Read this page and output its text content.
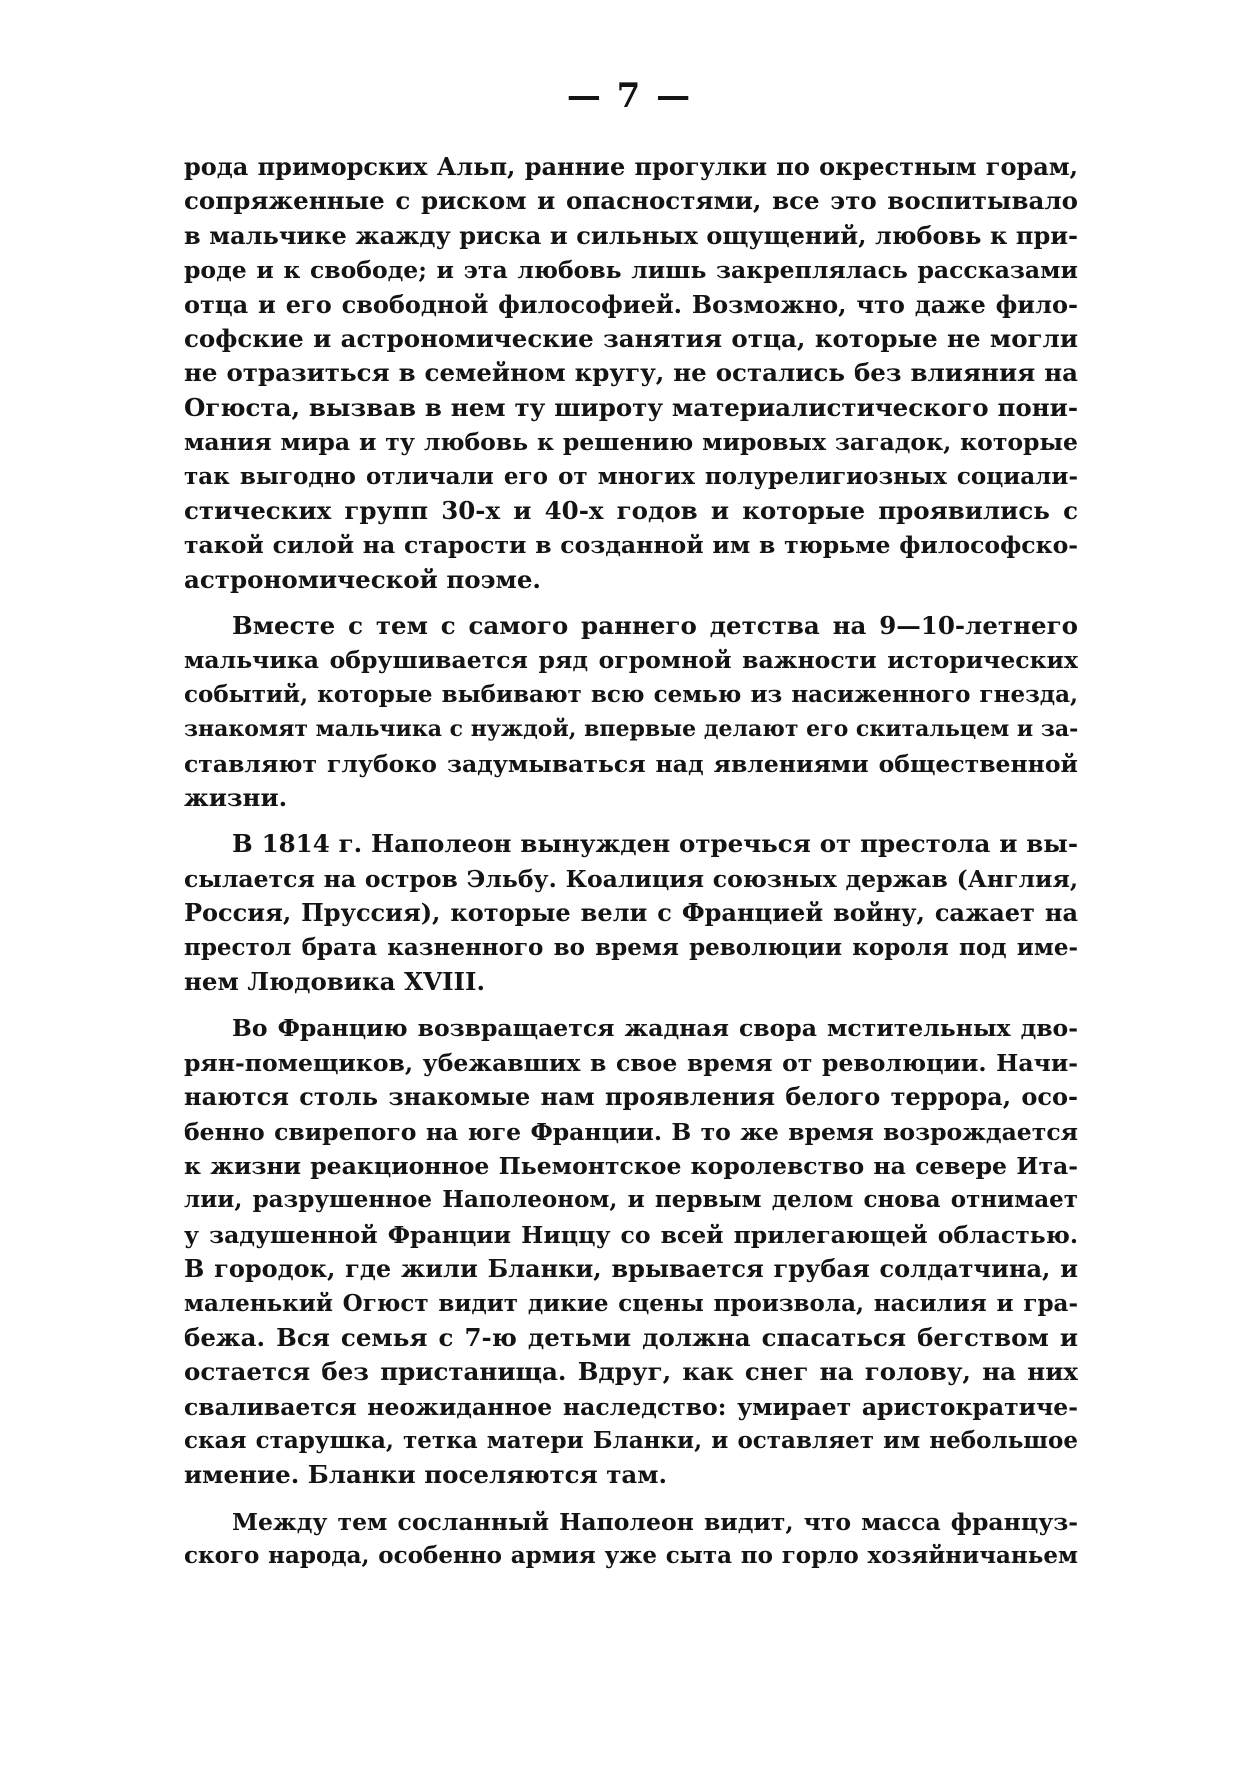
— 7 —
рода приморских Альп, ранние прогулки по окрестным горам,
сопряженные с риском и опасностями, все это воспитывало
в мальчике жажду риска и сильных ощущений, любовь к при-
роде и к свободе; и эта любовь лишь закреплялась рассказами
отца и его свободной философией. Возможно, что даже фило-
софские и астрономические занятия отца, которые не могли
не отразиться в семейном кругу, не остались без влияния на
Огюста, вызвав в нем ту широту материалистического пони-
мания мира и ту любовь к решению мировых загадок, которые
так выгодно отличали его от многих полурелигиозных социали-
стических групп 30-х и 40-х годов и которые проявились с
такой силой на старости в созданной им в тюрьме философско-
астрономической поэме.
Вместе с тем с самого раннего детства на 9—10-летнего
мальчика обрушивается ряд огромной важности исторических
событий, которые выбивают всю семью из насиженного гнезда,
знакомят мальчика с нуждой, впервые делают его скитальцем и за-
ставляют глубоко задумываться над явлениями общественной
жизни.
В 1814 г. Наполеон вынужден отречься от престола и вы-
сылается на остров Эльбу. Коалиция союзных держав (Англия,
Россия, Пруссия), которые вели с Францией войну, сажает на
престол брата казненного во время революции короля под име-
нем Людовика XVIII.
Во Францию возвращается жадная свора мстительных дво-
рян-помещиков, убежавших в свое время от революции. Начи-
наются столь знакомые нам проявления белого террора, осо-
бенно свирепого на юге Франции. В то же время возрождается
к жизни реакционное Пьемонтское королевство на севере Ита-
лии, разрушенное Наполеоном, и первым делом снова отнимает
у задушенной Франции Ниццу со всей прилегающей областью.
В городок, где жили Бланки, врывается грубая солдатчина, и
маленький Огюст видит дикие сцены произвола, насилия и гра-
бежа. Вся семья с 7-ю детьми должна спасаться бегством и
остается без пристанища. Вдруг, как снег на голову, на них
сваливается неожиданное наследство: умирает аристократиче-
ская старушка, тетка матери Бланки, и оставляет им небольшое
имение. Бланки поселяются там.
Между тем сосланный Наполеон видит, что масса француз-
ского народа, особенно армия уже сыта по горло хозяйничаньем
